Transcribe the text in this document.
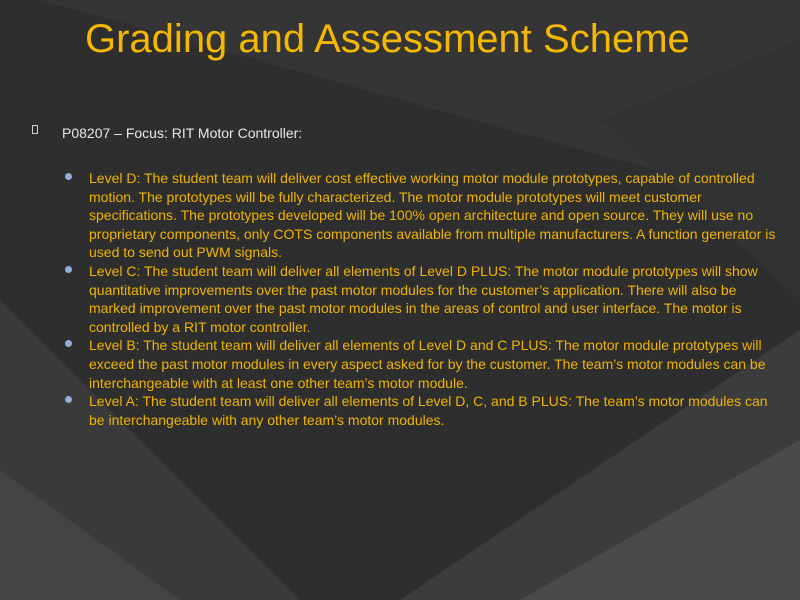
Grading and Assessment Scheme
P08207 – Focus: RIT Motor Controller:
Level D: The student team will deliver cost effective working motor module prototypes, capable of controlled motion. The prototypes will be fully characterized. The motor module prototypes will meet customer specifications. The prototypes developed will be 100% open architecture and open source. They will use no proprietary components, only COTS components available from multiple manufacturers. A function generator is used to send out PWM signals.
Level C: The student team will deliver all elements of Level D PLUS: The motor module prototypes will show quantitative improvements over the past motor modules for the customer’s application. There will also be marked improvement over the past motor modules in the areas of control and user interface. The motor is controlled by a RIT motor controller.
Level B: The student team will deliver all elements of Level D and C PLUS: The motor module prototypes will exceed the past motor modules in every aspect asked for by the customer. The team’s motor modules can be interchangeable with at least one other team’s motor module.
Level A: The student team will deliver all elements of Level D, C, and B PLUS: The team’s motor modules can be interchangeable with any other team’s motor modules.
